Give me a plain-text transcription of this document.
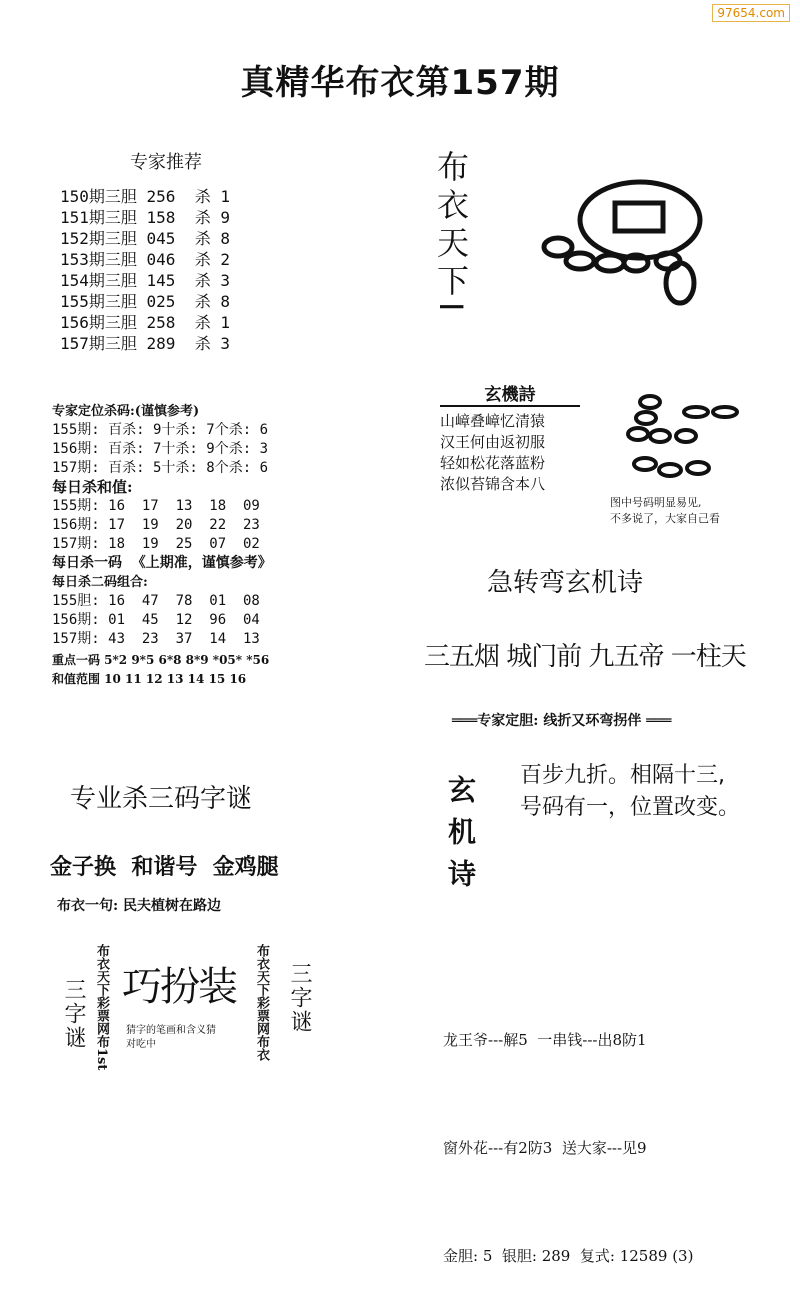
97654.com
真精华布衣第157期
专家推荐
150期三胆 256  杀 1
151期三胆 158  杀 9
152期三胆 045  杀 8
153期三胆 046  杀 2
154期三胆 145  杀 3
155期三胆 025  杀 8
156期三胆 258  杀 1
157期三胆 289  杀 3
专家定位杀码:(谨慎参考)
155期: 百杀: 9十杀: 7个杀: 6
156期: 百杀: 7十杀: 9个杀: 3
157期: 百杀: 5十杀: 8个杀: 6
每日杀和值:
155期: 16  17  13  18  09
156期: 17  19  20  22  23
157期: 18  19  25  07  02
每日杀一码  《上期准，谨慎参考》
每日杀二码组合:
155胆: 16  47  78  01  08
156期: 01  45  12  96  04
157期: 43  23  37  14  13
重点一码 5*2 9*5 6*8 8*9 *05* *56
和值范围 10 11 12 13 14 15 16
布衣天下I
玄機詩
山嶂叠嶂忆清猿
汉王何由返初服
轻如松花落蓝粉
浓似苔锦含本八
图中号码明显易见,
不多说了，大家自己看
急转弯玄机诗
三五烟 城门前 九五帝 一柱天
═══专家定胆: 线折又环弯拐伴 ═══
玄机诗 百步九折。相隔十三,
号码有一，位置改变。

龙王爷---解5  一串钱---出8防1

窗外花---有2防3  送大家---见9

金胆: 5  银胆: 289  复式: 12589 (3)

专业杀三码字谜
金子换  和谐号  金鸡腿
布衣一句: 民夫植树在路边
三字谜 布衣天下彩票网布1st 巧扮装
猜字的笔画和含义猜
对吃中	布衣天下彩票网布衣 三字谜
